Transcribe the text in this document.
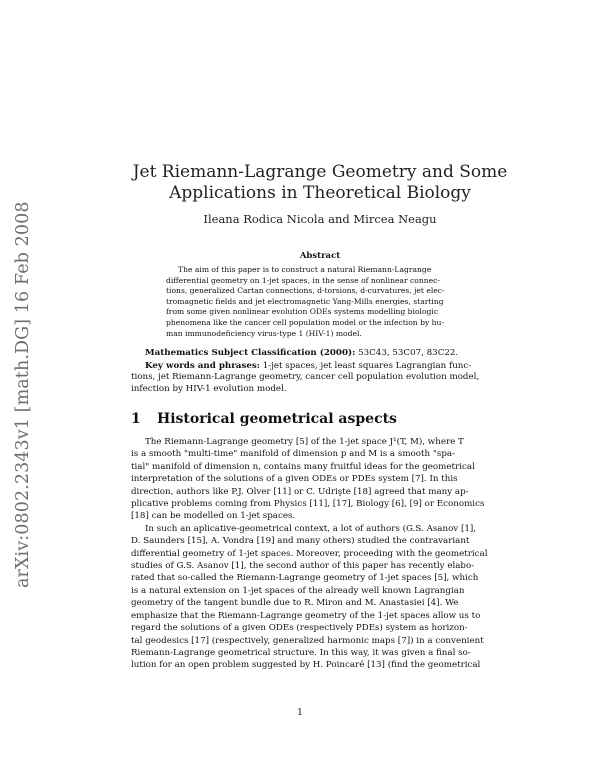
arXiv:0802.2343v1 [math.DG] 16 Feb 2008
Jet Riemann-Lagrange Geometry and Some
Applications in Theoretical Biology
Ileana Rodica Nicola and Mircea Neagu
Abstract
The aim of this paper is to construct a natural Riemann-Lagrange
differential geometry on 1-jet spaces, in the sense of nonlinear connec-
tions, generalized Cartan connections, d-torsions, d-curvatures, jet elec-
tromagnetic fields and jet electromagnetic Yang-Mills energies, starting
from some given nonlinear evolution ODEs systems modelling biologic
phenomena like the cancer cell population model or the infection by hu-
man immunodeficiency virus-type 1 (HIV-1) model.
Mathematics Subject Classification (2000): 53C43, 53C07, 83C22.
Key words and phrases: 1-jet spaces, jet least squares Lagrangian func-
tions, jet Riemann-Lagrange geometry, cancer cell population evolution model,
infection by HIV-1 evolution model.
1 Historical geometrical aspects
The Riemann-Lagrange geometry [5] of the 1-jet space J¹(T, M), where T
is a smooth "multi-time" manifold of dimension p and M is a smooth "spa-
tial" manifold of dimension n, contains many fruitful ideas for the geometrical
interpretation of the solutions of a given ODEs or PDEs system [7]. In this
direction, authors like P.J. Olver [11] or C. Udrişte [18] agreed that many ap-
plicative problems coming from Physics [11], [17], Biology [6], [9] or Economics
[18] can be modelled on 1-jet spaces.
In such an aplicative-geometrical context, a lot of authors (G.S. Asanov [1],
D. Saunders [15], A. Vondra [19] and many others) studied the contravariant
differential geometry of 1-jet spaces. Moreover, proceeding with the geometrical
studies of G.S. Asanov [1], the second author of this paper has recently elabo-
rated that so-called the Riemann-Lagrange geometry of 1-jet spaces [5], which
is a natural extension on 1-jet spaces of the already well known Lagrangian
geometry of the tangent bundle due to R. Miron and M. Anastasiei [4]. We
emphasize that the Riemann-Lagrange geometry of the 1-jet spaces allow us to
regard the solutions of a given ODEs (respectively PDEs) system as horizon-
tal geodesics [17] (respectively, generalized harmonic maps [7]) in a convenient
Riemann-Lagrange geometrical structure. In this way, it was given a final so-
lution for an open problem suggested by H. Poincaré [13] (find the geometrical
1
